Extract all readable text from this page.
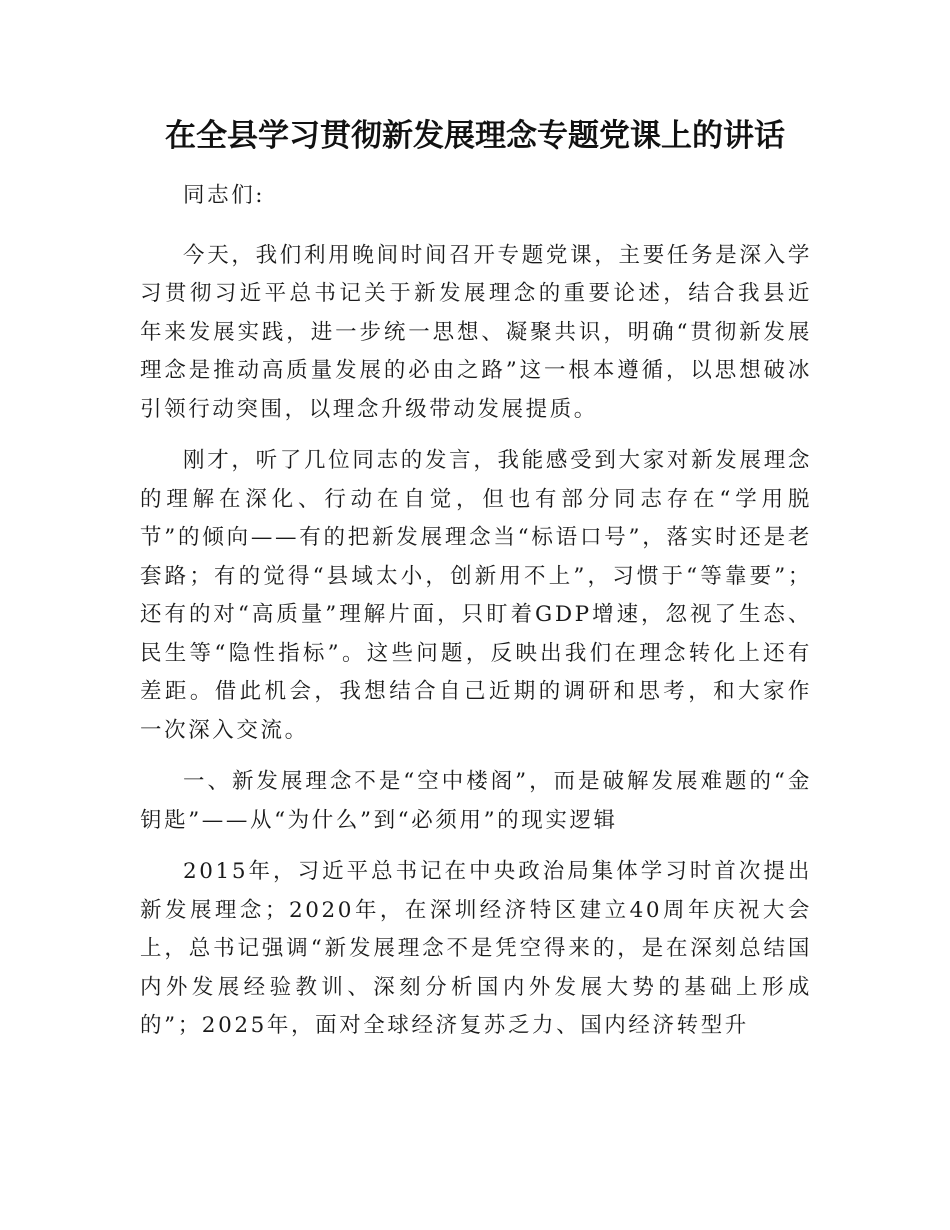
在全县学习贯彻新发展理念专题党课上的讲话

同志们:

今天，我们利用晚间时间召开专题党课，主要任务是深入学习贯彻习近平总书记关于新发展理念的重要论述，结合我县近年来发展实践，进一步统一思想、凝聚共识，明确“贯彻新发展理念是推动高质量发展的必由之路”这一根本遵循，以思想破冰引领行动突围，以理念升级带动发展提质。

刚才，听了几位同志的发言，我能感受到大家对新发展理念的理解在深化、行动在自觉，但也有部分同志存在“学用脱节”的倾向——有的把新发展理念当“标语口号”，落实时还是老套路；有的觉得“县域太小，创新用不上”，习惯于“等靠要”；还有的对“高质量”理解片面，只盯着GDP增速，忽视了生态、民生等“隐性指标”。这些问题，反映出我们在理念转化上还有差距。借此机会，我想结合自己近期的调研和思考，和大家作一次深入交流。

一、新发展理念不是“空中楼阁”，而是破解发展难题的“金钥匙”——从“为什么”到“必须用”的现实逻辑

2015年，习近平总书记在中央政治局集体学习时首次提出新发展理念；2020年，在深圳经济特区建立40周年庆祝大会上，总书记强调“新发展理念不是凭空得来的，是在深刻总结国内外发展经验教训、深刻分析国内外发展大势的基础上形成的”；2025年，面对全球经济复苏乏力、国内经济转型升
